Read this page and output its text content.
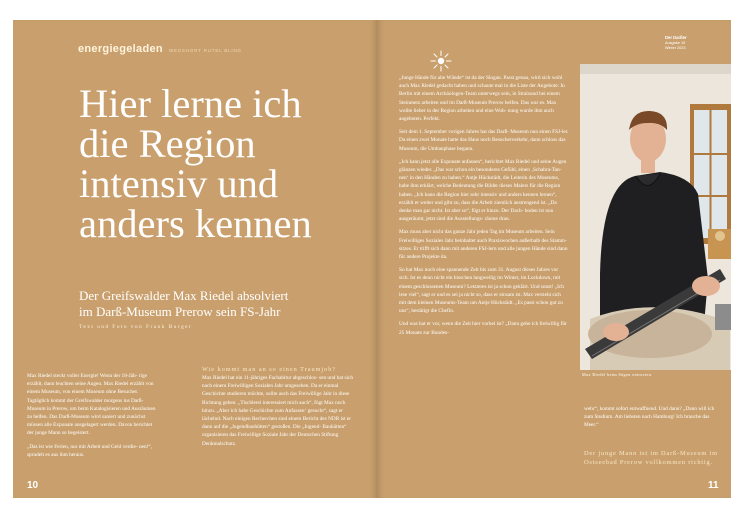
energiegeladen WEGSHORT RUTEL BLING
Hier lerne ich
die Region
intensiv und
anders kennen
Der Greifswalder Max Riedel absolviert
im Darß-Museum Prerow sein FS-Jahr
Text und Foto von Frank Burger

Max Riedel steckt voller Energie! Wenn der 18-Jäh- rige erzählt, dann leuchten seine Augen. Max Riedel erzählt von einem Museum, von einem Museum ohne Besucher. Tagtäglich kommt der Greifswalder morgens ins Darß-Museum in Prerow, um beim Katalogisieren und Ausräumen zu helfen. Das Darß-Museum wird saniert und zunächst müssen alle Exponate ausgelagert werden. Davon berichtet der junge Mann so begeistert.

„Das ist wie Ferien, nur mit Arbeit und Geld verdie- nen!“, sprudelt es aus ihm heraus.

Wie kommt man an so einen Traumjob?

Max Riedel hat ein 11-jähriges Fachabitur abgeschlos- sen und hat sich nach einem Freiwilligen Sozialen Jahr umgesehen. Da er einmal Geschichte studieren möchte, sollte auch das Freiwillige Jahr in diese Richtung gehen. „Tischlerei interessiert mich auch“, fügt Max noch hinzu. „Aber ich habe Geschichte zum Anfassen‘ gesucht“, sagt er lächelnd. Nach einigen Recherchen sind einem Bericht des NDR ist er dann auf die „Jugendbauhütten“ gestoßen. Die „Jugend- Bauhütten“ organisieren das Freiwillige Soziale Jahr der Deutschen Stiftung Denkmalschutz.

10
Der Darßer
Ausgabe 15
Winter 2023

„Junge Hände für alte Wände“ ist da der Slogan. Passt genau, wird sich wohl auch Max Riedel gedacht haben und schaute mal in die Liste der Angebote: In Berlin mit einem Archäologen-Team unterwegs sein, in Stralsund bei einem Steinmetz arbeiten und im Darß-Museum Prerow helfen. Das war es. Max wollte lieber in der Region arbeiten und eine Woh- nung wurde ihm auch angeboten. Perfekt.

Seit dem 1. September vorigen Jahres hat das Darß- Museum nun einen FSJ-ler. Da einen zwei Monate hatte das Haus noch Besucherverkehr, dann schloss das Museum, die Umbauphase begann.

„Ich kann jetzt alle Exponate anfassen“, berichtet Max Riedel und seine Augen glänzen wieder. „Das war schon ein besonderes Gefühl, einen ‚Schabra-Tan- nen‘ in den Händen zu haben.“ Antje Hückstädt, die Leiterin des Museums, habe ihm erklärt, welche Bedeutung die Bilder dieses Malers für die Region haben. „Ich kann die Region hier sehr intensiv und anders kennen lernen“, erzählt er weiter und gibt zu, dass die Arbeit ziemlich anstrengend ist. „Da denke man gar nicht. Ist aber so“, fügt er hinzu. Der Dach- boden ist nun ausgeräumt, jetzt sind die Ausstellungs- räume dran.

Max muss aber nicht das ganze Jahr jeden Tag im Museum arbeiten. Sein Freiwilliges Soziales Jahr beinhaltet auch Praxiswochen außerhalb des Stamm- sitzes. Er trifft sich dann mit anderen FSJ-lern und alle jungen Hände sind dann für andere Projekte da.

So hat Max noch eine spannende Zeit bis zum 31. August dieses Jahres vor sich. Ist es denn nicht ein bisschen langweilig im Winter, im Lockdown, mit einem geschlossenen Museum? Letzteres ist ja schon geklärt. Und sonst! „Ich lese viel“, sagt er und es sei ja nicht so, dass er einsam ist. Max versteht sich mit dem kleinen Museums-Team um Antje Hückstädt. „Es passt schon gut zu uns“, bestätigt die Chefin.

Und was hat er vor, wenn die Zeit hier vorbei ist? „Dann gehe ich freiwillig für 25 Monate zur Bundes-

Max Riedel beim Sägen entrosten.

wehr“, kommt sofort entwaffnend. Und dann? „Dann will ich zum Studium. Am liebsten nach Hamburg! Ich brauche das Meer.“

Der junge Mann ist im Darß-Museum im Ostseebad Prerow vollkommen richtig.
11
